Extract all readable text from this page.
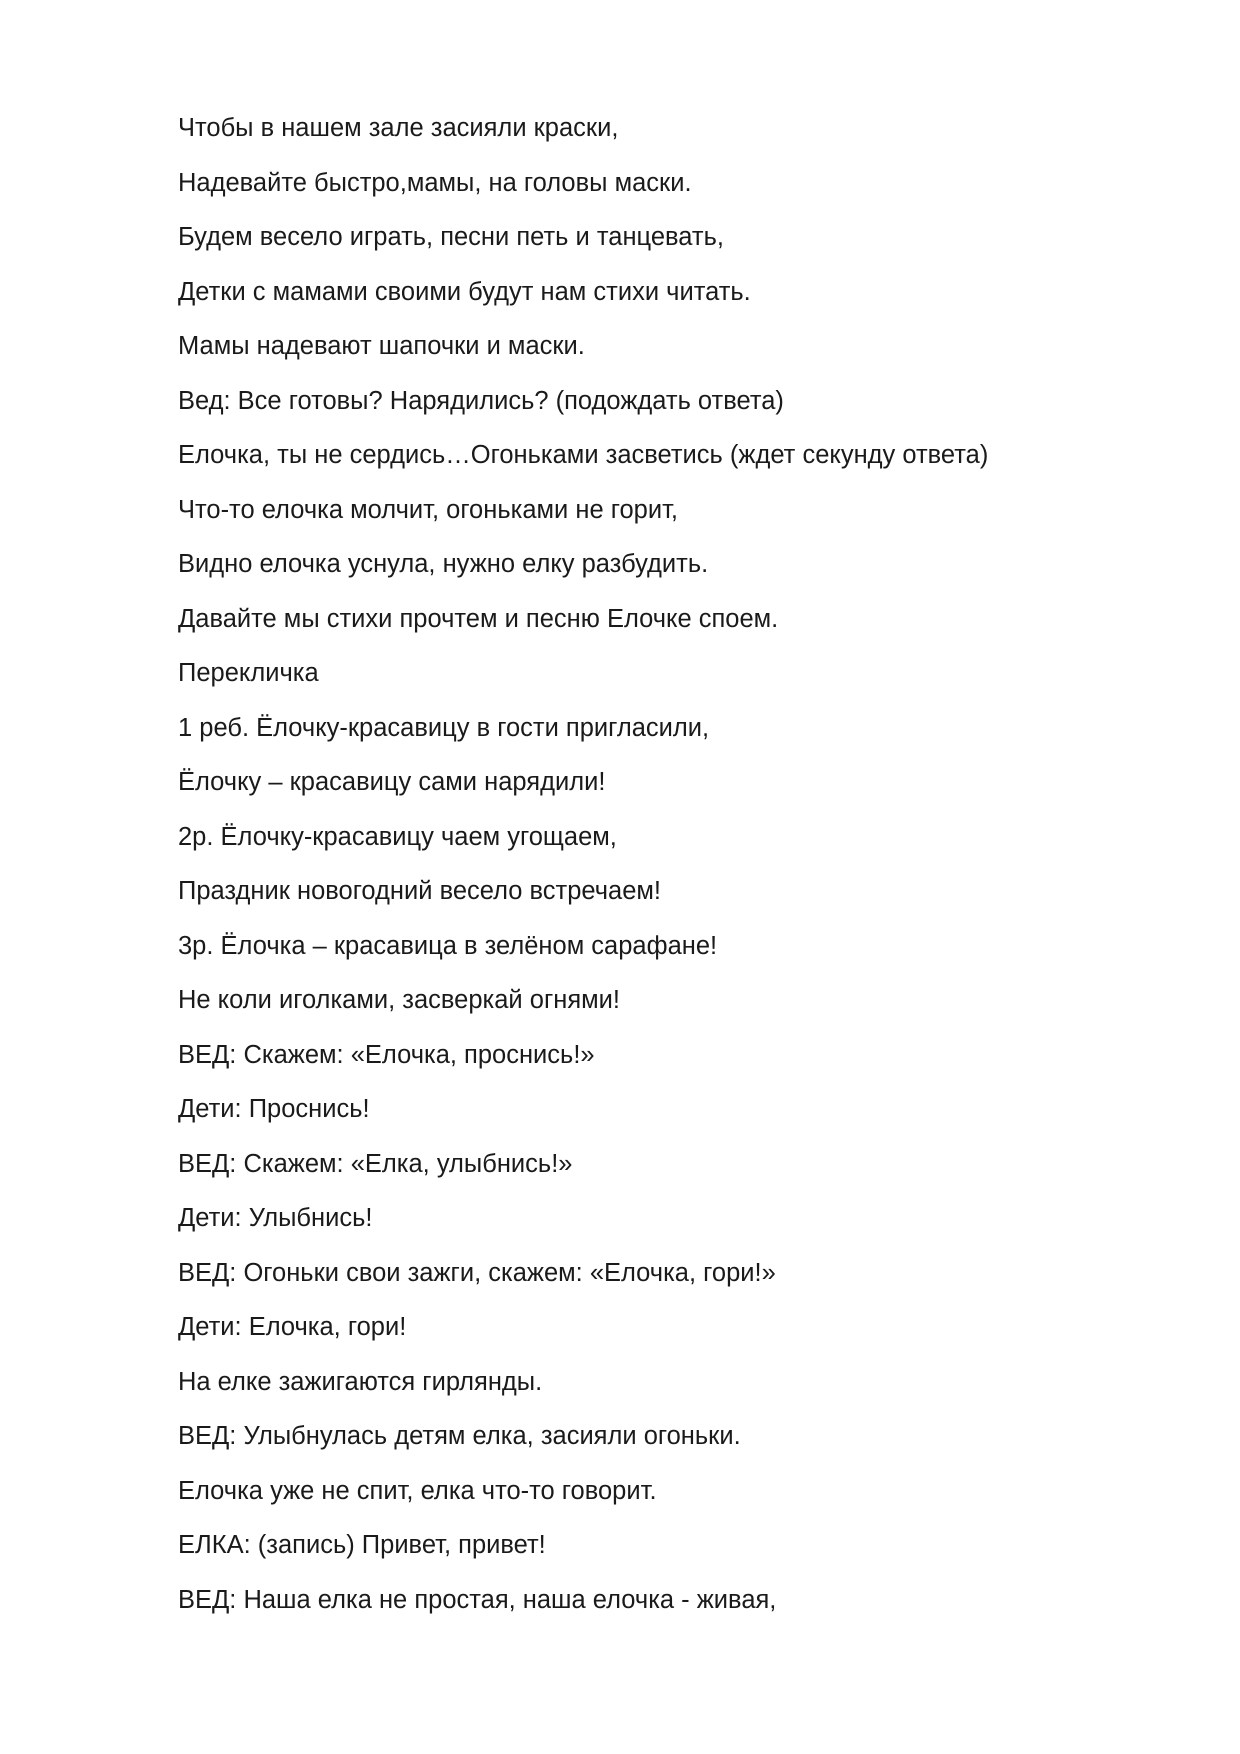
Чтобы в нашем зале засияли краски,
Надевайте быстро,мамы, на головы маски.
Будем весело играть, песни петь и танцевать,
Детки с мамами своими будут нам стихи читать.
Мамы надевают шапочки и маски.
Вед: Все готовы? Нарядились? (подождать ответа)
Елочка, ты не сердись…Огоньками засветись (ждет секунду ответа)
Что-то елочка молчит, огоньками не горит,
Видно елочка уснула, нужно елку разбудить.
Давайте мы стихи прочтем и песню Елочке споем.
Перекличка
1 реб. Ёлочку-красавицу в гости пригласили,
Ёлочку – красавицу сами нарядили!
2р. Ёлочку-красавицу чаем угощаем,
Праздник новогодний весело встречаем!
3р. Ёлочка – красавица в зелёном сарафане!
Не коли иголками, засверкай огнями!
ВЕД: Скажем: «Елочка, проснись!»
Дети: Проснись!
ВЕД: Скажем: «Елка, улыбнись!»
Дети: Улыбнись!
ВЕД: Огоньки свои зажги, скажем: «Елочка, гори!»
Дети: Елочка, гори!
На елке зажигаются гирлянды.
ВЕД: Улыбнулась детям елка, засияли огоньки.
Елочка уже не спит, елка что-то говорит.
ЕЛКА: (запись) Привет, привет!
ВЕД: Наша елка не простая, наша елочка - живая,
